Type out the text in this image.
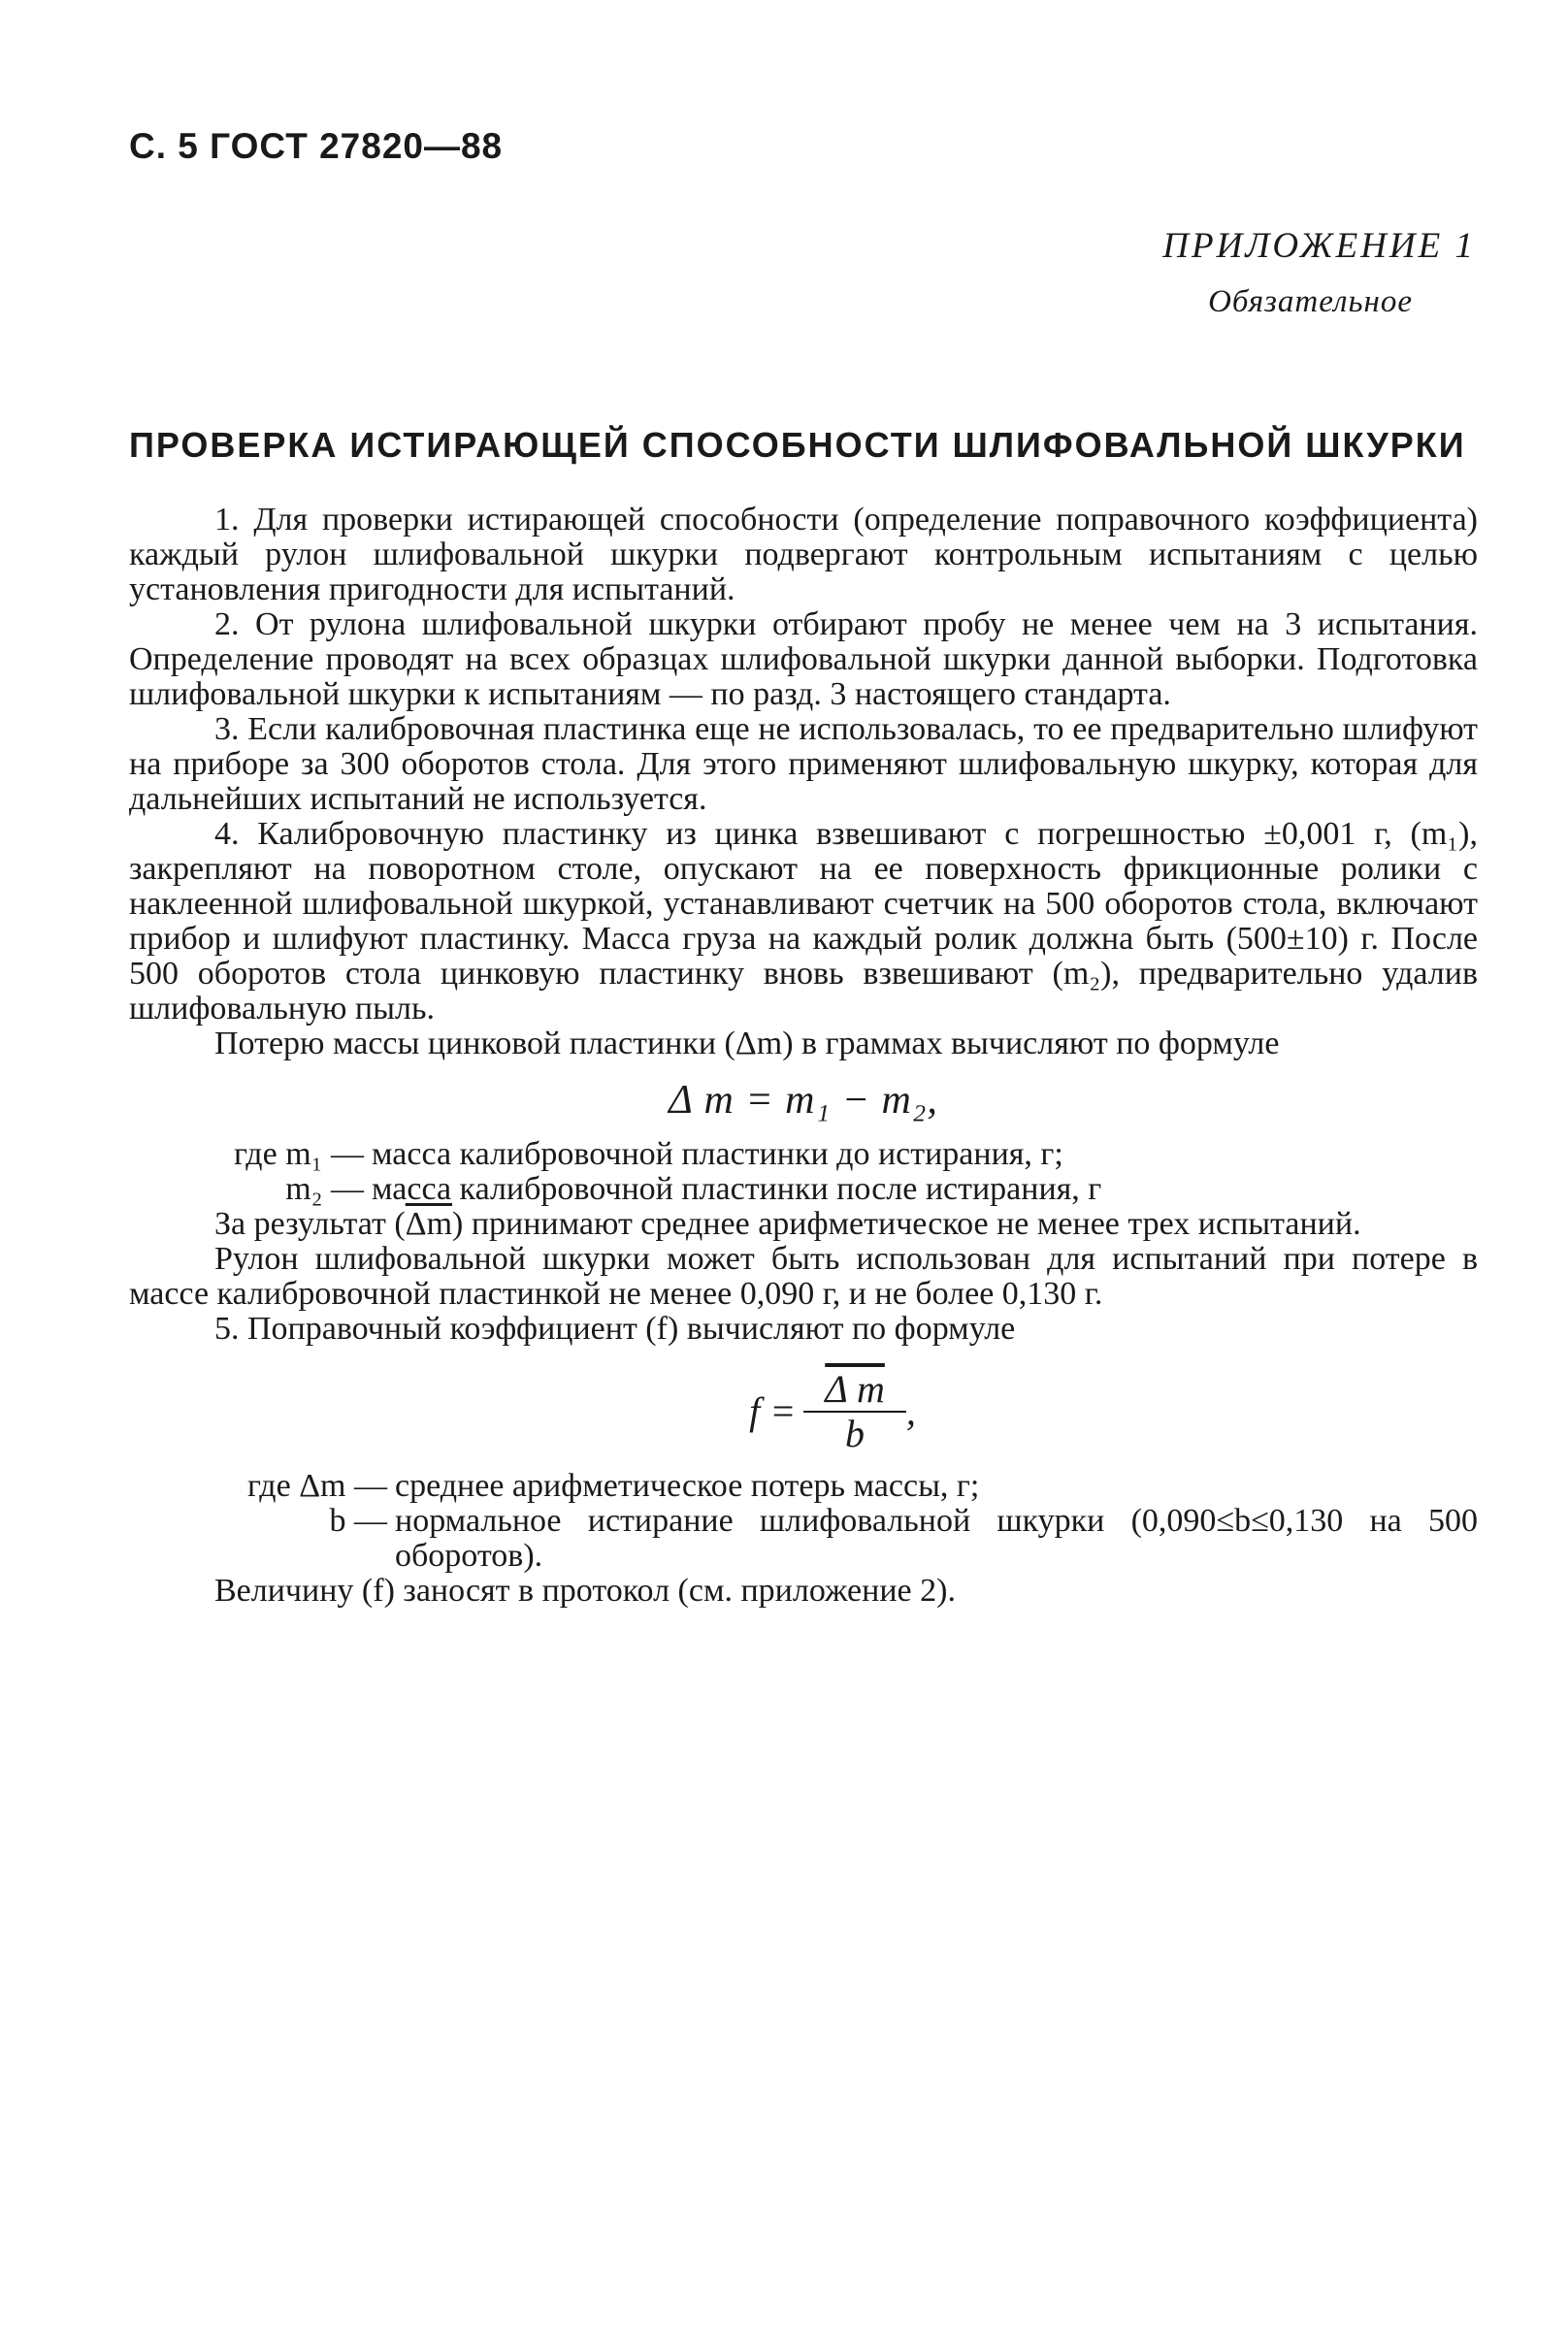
С. 5 ГОСТ 27820—88
ПРИЛОЖЕНИЕ 1
Обязательное
ПРОВЕРКА ИСТИРАЮЩЕЙ СПОСОБНОСТИ ШЛИФОВАЛЬНОЙ ШКУРКИ

1. Для проверки истирающей способности (определение поправочного коэффициента) каждый рулон шлифовальной шкурки подвергают контрольным испытаниям с целью установления пригодности для испытаний.

2. От рулона шлифовальной шкурки отбирают пробу не менее чем на 3 испытания. Определение проводят на всех образцах шлифовальной шкурки данной выборки. Подготовка шлифовальной шкурки к испытаниям — по разд. 3 настоящего стандарта.

3. Если калибровочная пластинка еще не использовалась, то ее предварительно шлифуют на приборе за 300 оборотов стола. Для этого применяют шлифовальную шкурку, которая для дальнейших испытаний не используется.

4. Калибровочную пластинку из цинка взвешивают с погрешностью ±0,001 г, (m₁), закрепляют на поворотном столе, опускают на ее поверхность фрикционные ролики с наклеенной шлифовальной шкуркой, устанавливают счетчик на 500 оборотов стола, включают прибор и шлифуют пластинку. Масса груза на каждый ролик должна быть (500±10) г. После 500 оборотов стола цинковую пластинку вновь взвешивают (m₂), предварительно удалив шлифовальную пыль.

Потерю массы цинковой пластинки (Δm) в граммах вычисляют по формуле

Δ m = m₁ − m₂,
где m₁ — масса калибровочной пластинки до истирания, г;
m₂ — масса калибровочной пластинки после истирания, г

За результат $(\overline{\Delta m})$ принимают среднее арифметическое не менее трех испытаний.

Рулон шлифовальной шкурки может быть использован для испытаний при потере в массе калибровочной пластинкой не менее 0,090 г, и не более 0,130 г.

5. Поправочный коэффициент (f) вычисляют по формуле

$f = \frac{\text{Δ m}}{b}$ ,
где Δm — среднее арифметическое потерь массы, г;
b — нормальное истирание шлифовальной шкурки (0,090≤b≤0,130 на 500 оборотов).

Величину (f) заносят в протокол (см. приложение 2).
